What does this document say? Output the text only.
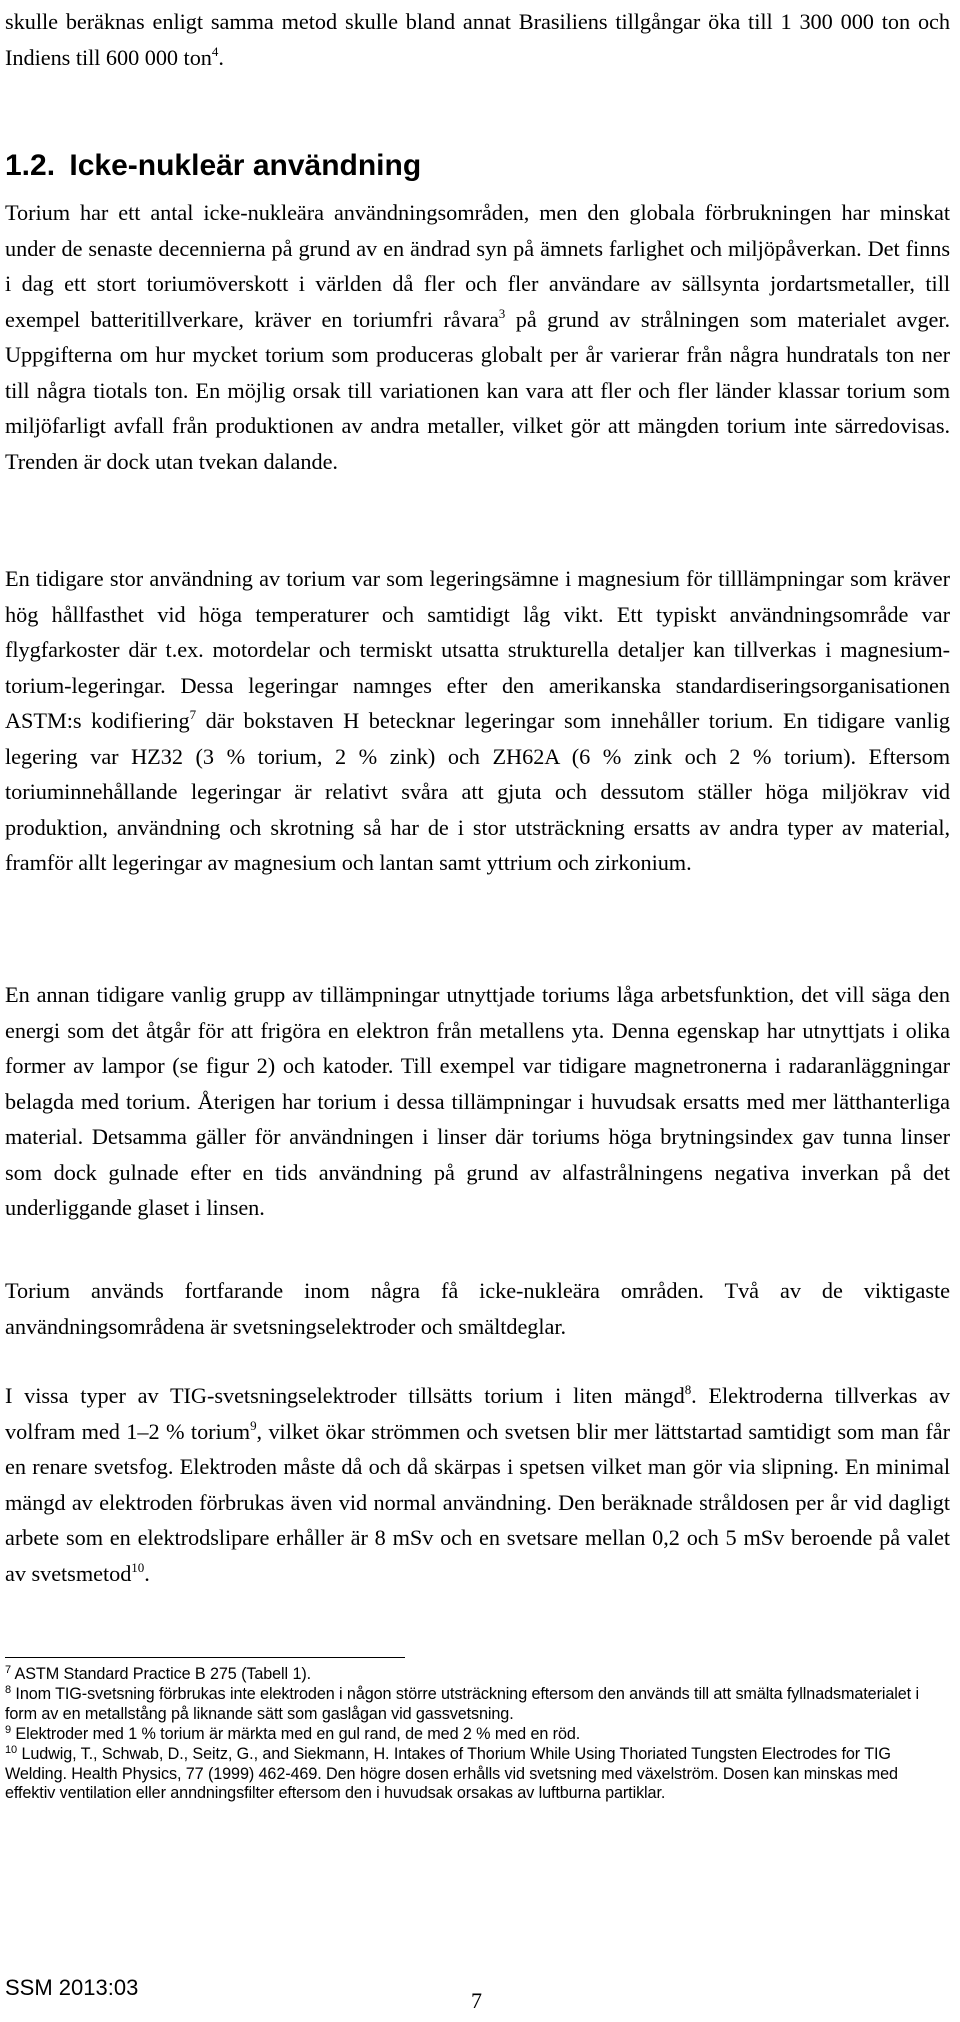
skulle beräknas enligt samma metod skulle bland annat Brasiliens tillgångar öka till 1 300 000 ton och Indiens till 600 000 ton$^4$.

1.2. Icke-nukleär användning

Torium har ett antal icke-nukleära användningsområden, men den globala förbrukningen har minskat under de senaste decennierna på grund av en ändrad syn på ämnets farlighet och miljöpåverkan. Det finns i dag ett stort toriumöverskott i världen då fler och fler användare av sällsynta jordartsmetaller, till exempel batteritillverkare, kräver en toriumfri råvara$^3$ på grund av strålningen som materialet avger. Uppgifterna om hur mycket torium som produceras globalt per år varierar från några hundratals ton ner till några tiotals ton. En möjlig orsak till variationen kan vara att fler och fler länder klassar torium som miljöfarligt avfall från produktionen av andra metaller, vilket gör att mängden torium inte särredovisas. Trenden är dock utan tvekan dalande.

En tidigare stor användning av torium var som legeringsämne i magnesium för tilllämpningar som kräver hög hållfasthet vid höga temperaturer och samtidigt låg vikt. Ett typiskt användningsområde var flygfarkoster där t.ex. motordelar och termiskt utsatta strukturella detaljer kan tillverkas i magnesium-torium-legeringar. Dessa legeringar namnges efter den amerikanska standardiseringsorganisationen ASTM:s kodifiering$^7$ där bokstaven H betecknar legeringar som innehåller torium. En tidigare vanlig legering var HZ32 (3 % torium, 2 % zink) och ZH62A (6 % zink och 2 % torium). Eftersom toriuminnehållande legeringar är relativt svåra att gjuta och dessutom ställer höga miljökrav vid produktion, användning och skrotning så har de i stor utsträckning ersatts av andra typer av material, framför allt legeringar av magnesium och lantan samt yttrium och zirkonium.

En annan tidigare vanlig grupp av tillämpningar utnyttjade toriums låga arbetsfunktion, det vill säga den energi som det åtgår för att frigöra en elektron från metallens yta. Denna egenskap har utnyttjats i olika former av lampor (se figur 2) och katoder. Till exempel var tidigare magnetronerna i radaranläggningar belagda med torium. Återigen har torium i dessa tillämpningar i huvudsak ersatts med mer lätthanterliga material. Detsamma gäller för användningen i linser där toriums höga brytningsindex gav tunna linser som dock gulnade efter en tids användning på grund av alfastrålningens negativa inverkan på det underliggande glaset i linsen.

Torium används fortfarande inom några få icke-nukleära områden. Två av de viktigaste användningsområdena är svetsningselektroder och smältdeglar.

I vissa typer av TIG-svetsningselektroder tillsätts torium i liten mängd$^8$. Elektroderna tillverkas av volfram med 1–2 % torium$^9$, vilket ökar strömmen och svetsen blir mer lättstartad samtidigt som man får en renare svetsfog. Elektroden måste då och då skärpas i spetsen vilket man gör via slipning. En minimal mängd av elektroden förbrukas även vid normal användning. Den beräknade stråldosen per år vid dagligt arbete som en elektrodslipare erhåller är 8 mSv och en svetsare mellan 0,2 och 5 mSv beroende på valet av svetsmetod$^{10}$.

$^7$ ASTM Standard Practice B 275 (Tabell 1).

$^8$ Inom TIG-svetsning förbrukas inte elektroden i någon större utsträckning eftersom den används till att smälta fyllnadsmaterialet i form av en metallstång på liknande sätt som gaslågan vid gassvetsning.

$^9$ Elektroder med 1 % torium är märkta med en gul rand, de med 2 % med en röd.

$^{10}$ Ludwig, T., Schwab, D., Seitz, G., and Siekmann, H. Intakes of Thorium While Using Thoriated Tungsten Electrodes for TIG Welding. Health Physics, 77 (1999) 462-469. Den högre dosen erhålls vid svetsning med växelström. Dosen kan minskas med effektiv ventilation eller anndningsfilter eftersom den i huvudsak orsakas av luftburna partiklar.

SSM 2013:03
7
